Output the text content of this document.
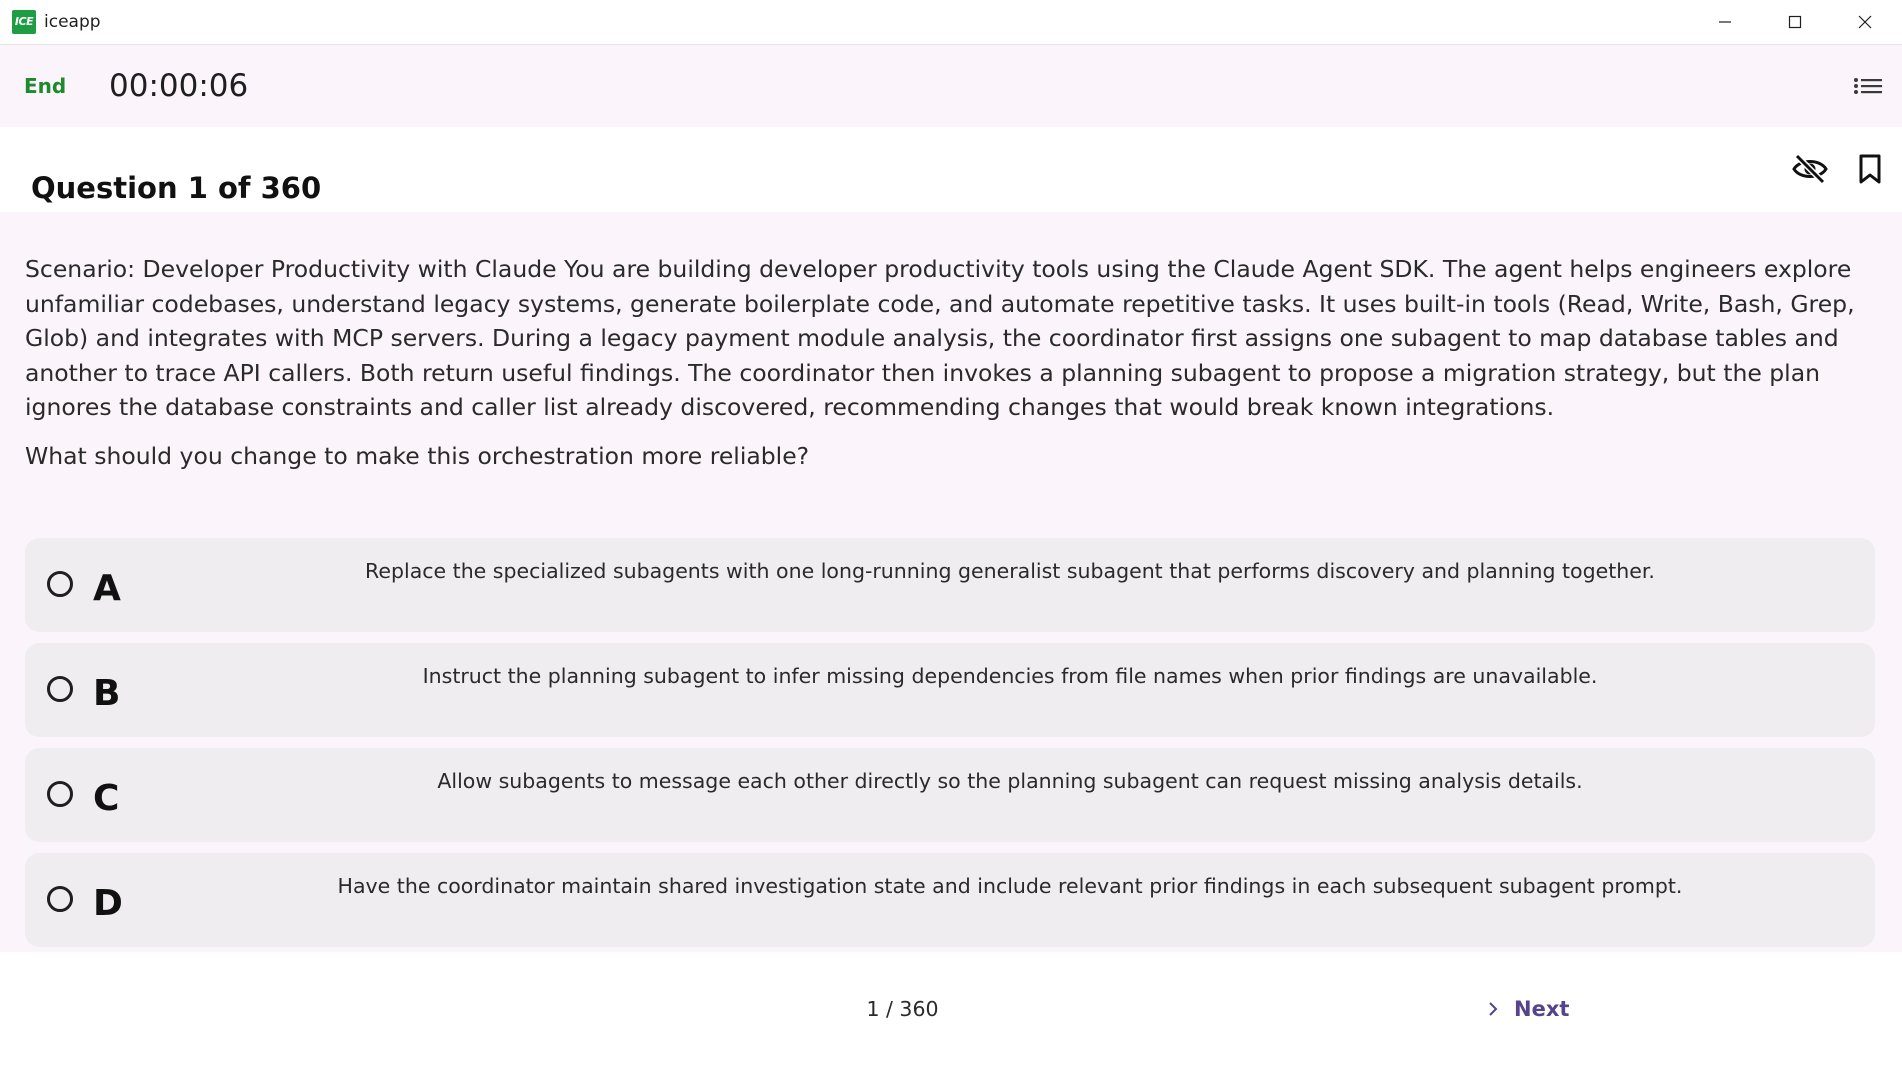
ICE iceapp
End 00:00:06
Question 1 of 360

Scenario: Developer Productivity with Claude You are building developer productivity tools using the Claude Agent SDK. The agent helps engineers explore unfamiliar codebases, understand legacy systems, generate boilerplate code, and automate repetitive tasks. It uses built-in tools (Read, Write, Bash, Grep, Glob) and integrates with MCP servers. During a legacy payment module analysis, the coordinator first assigns one subagent to map database tables and another to trace API callers. Both return useful findings. The coordinator then invokes a planning subagent to propose a migration strategy, but the plan ignores the database constraints and caller list already discovered, recommending changes that would break known integrations.

What should you change to make this orchestration more reliable?

A	Replace the specialized subagents with one long-running generalist subagent that performs discovery and planning together.
B	Instruct the planning subagent to infer missing dependencies from file names when prior findings are unavailable.
C	Allow subagents to message each other directly so the planning subagent can request missing analysis details.
D	Have the coordinator maintain shared investigation state and include relevant prior findings in each subsequent subagent prompt.
1 / 360	Next
